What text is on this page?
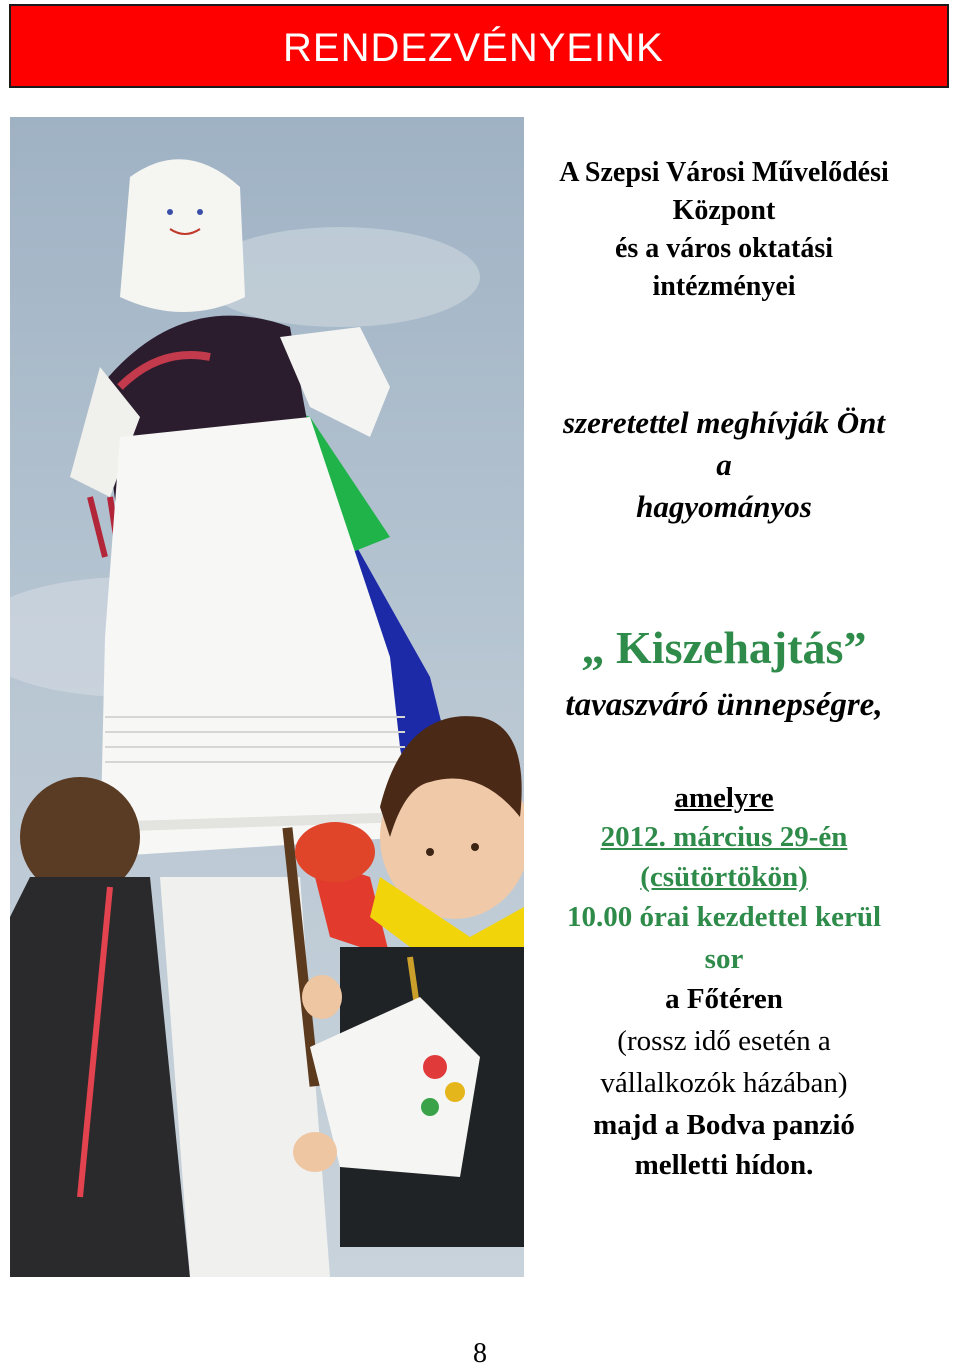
RENDEZVÉNYEINK
A Szepsi Városi Művelődési
Központ
és a város oktatási
intézményei
szeretettel meghívják Önt
a
hagyományos
„ Kiszehajtás”
tavaszváró ünnepségre,
amelyre
2012. március 29-én
(csütörtökön)
10.00 órai kezdettel kerül
sor
a Főtéren
(rossz idő esetén a
vállalkozók házában)
majd a Bodva panzió
melletti hídon.
8
